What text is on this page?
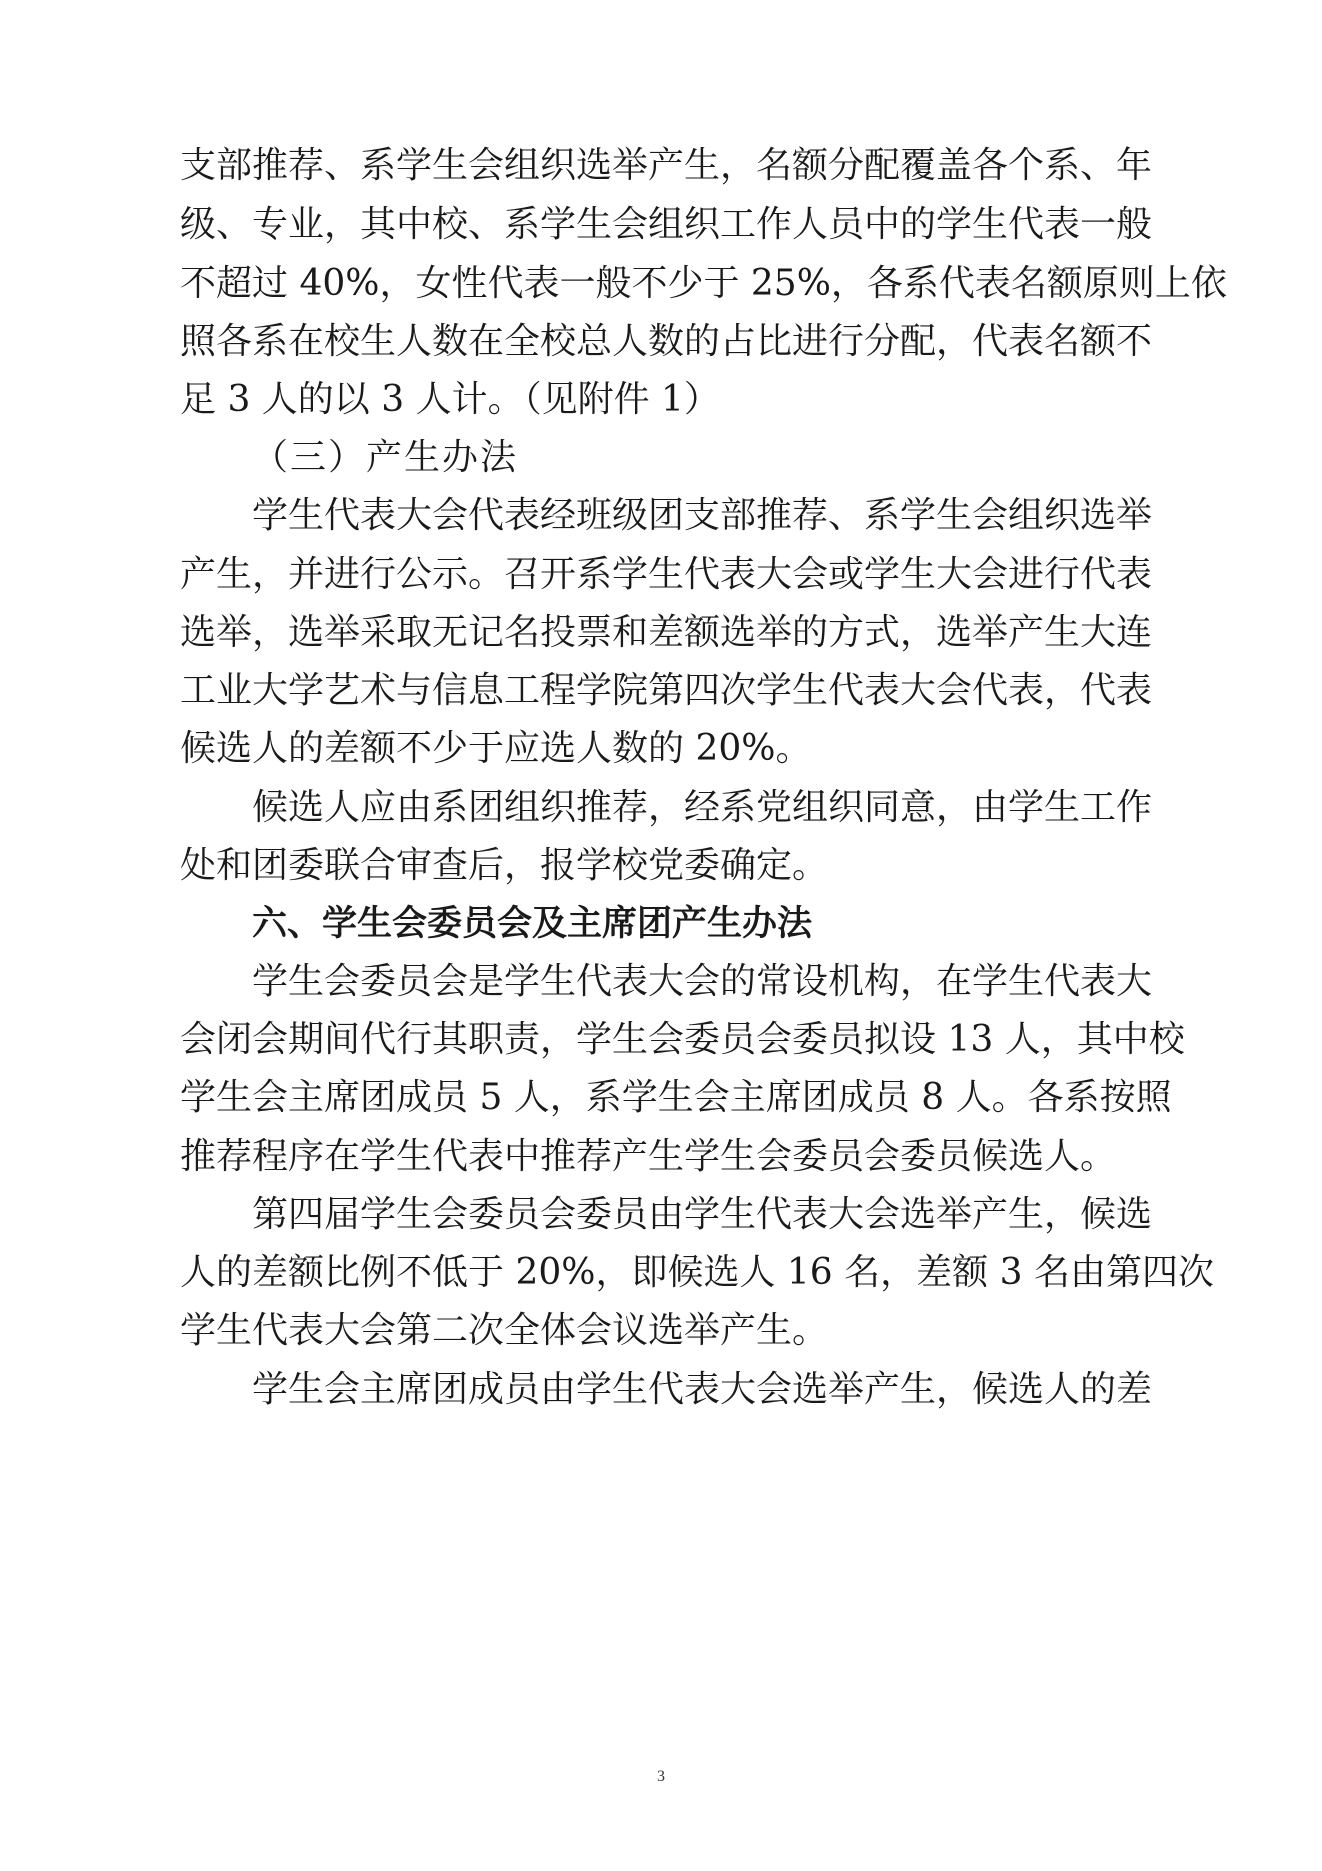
支部推荐、系学生会组织选举产生，名额分配覆盖各个系、年
级、专业，其中校、系学生会组织工作人员中的学生代表一般
不超过 40%，女性代表一般不少于 25%，各系代表名额原则上依
照各系在校生人数在全校总人数的占比进行分配，代表名额不
足 3 人的以 3 人计。（见附件 1）
（三）产生办法
学生代表大会代表经班级团支部推荐、系学生会组织选举
产生，并进行公示。召开系学生代表大会或学生大会进行代表
选举，选举采取无记名投票和差额选举的方式，选举产生大连
工业大学艺术与信息工程学院第四次学生代表大会代表，代表
候选人的差额不少于应选人数的 20%。
候选人应由系团组织推荐，经系党组织同意，由学生工作
处和团委联合审查后，报学校党委确定。
六、学生会委员会及主席团产生办法
学生会委员会是学生代表大会的常设机构，在学生代表大
会闭会期间代行其职责，学生会委员会委员拟设 13 人，其中校
学生会主席团成员 5 人，系学生会主席团成员 8 人。各系按照
推荐程序在学生代表中推荐产生学生会委员会委员候选人。
第四届学生会委员会委员由学生代表大会选举产生，候选
人的差额比例不低于 20%，即候选人 16 名，差额 3 名由第四次
学生代表大会第二次全体会议选举产生。
学生会主席团成员由学生代表大会选举产生，候选人的差
3
